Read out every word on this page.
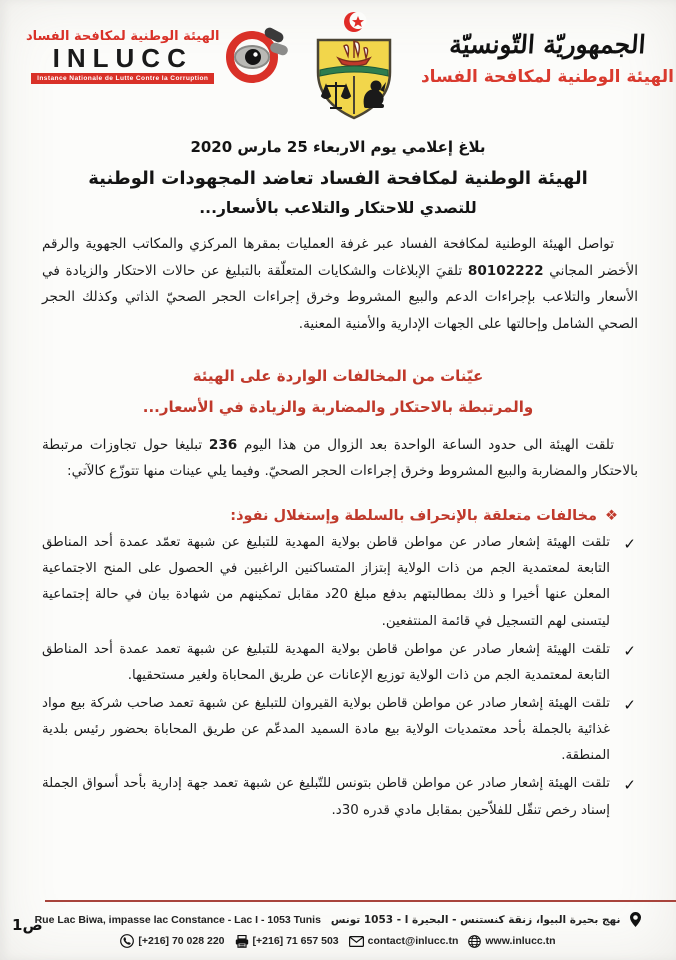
الهيئة الوطنية لمكافحة الفساد
INLUCC
Instance Nationale de Lutte Contre la Corruption
الجمهوريّة التّونسيّة
الهيئة الوطنية لمكافحة الفساد
بلاغ إعلامي يوم الاربعاء 25 مارس 2020
الهيئة الوطنية لمكافحة الفساد تعاضد المجهودات الوطنية
للتصدي للاحتكار والتلاعب بالأسعار...

تواصل الهيئة الوطنية لمكافحة الفساد عبر غرفة العمليات بمقرها المركزي والمكاتب الجهوية والرقم الأخضر المجاني 80102222 تلقيَ الإبلاغات والشكايات المتعلّقة بالتبليغ عن حالات الاحتكار والزيادة في الأسعار والتلاعب بإجراءات الدعم والبيع المشروط وخرق إجراءات الحجر الصحيّ الذاتي وكذلك الحجر الصحي الشامل وإحالتها على الجهات الإدارية والأمنية المعنية.

عيّنات من المخالفات الواردة على الهيئة
والمرتبطة بالاحتكار والمضاربة والزيادة في الأسعار...

تلقت الهيئة الى حدود الساعة الواحدة بعد الزوال من هذا اليوم 236 تبليغا حول تجاوزات مرتبطة بالاحتكار والمضاربة والبيع المشروط وخرق إجراءات الحجر الصحيّ. وفيما يلي عينات منها تتوزّع كالآتي:

❖
مخالفات متعلقة بالإنحراف بالسلطة وإستغلال نفوذ:
✓
تلقت الهيئة إشعار صادر عن مواطن قاطن بولاية المهدية للتبليغ عن شبهة تعمّد عمدة أحد المناطق التابعة لمعتمدية الجم من ذات الولاية إبتزاز المتساكنين الراغبين في الحصول على المنح الاجتماعية المعلن عنها أخيرا و ذلك بمطالبتهم بدفع مبلغ 20د مقابل تمكينهم من شهادة بيان في حالة إجتماعية ليتسنى لهم التسجيل في قائمة المنتفعين.
✓
تلقت الهيئة إشعار صادر عن مواطن قاطن بولاية المهدية للتبليغ عن شبهة تعمد عمدة أحد المناطق التابعة لمعتمدية الجم من ذات الولاية توزيع الإعانات عن طريق المحاباة ولغير مستحقيها.
✓
تلقت الهيئة إشعار صادر عن مواطن قاطن بولاية القيروان للتبليغ عن شبهة تعمد صاحب شركة بيع مواد غذائية بالجملة بأحد معتمديات الولاية بيع مادة السميد المدعّم عن طريق المحاباة بحضور رئيس بلدية المنطقة.
✓
تلقت الهيئة إشعار صادر عن مواطن قاطن بتونس للتّبليغ عن شبهة تعمد جهة إدارية بأحد أسواق الجملة إسناد رخص تنقّل للفلاّحين بمقابل مادي قدره 30د.
Rue Lac Biwa, impasse lac Constance - Lac I - 1053 Tunis نهج بحيرة البيوا، زنقة كنستنس - البحيرة ا - 1053 تونس
[+216] 70 028 220	[+216] 71 657 503	contact@inlucc.tn	www.inlucc.tn
ص1
